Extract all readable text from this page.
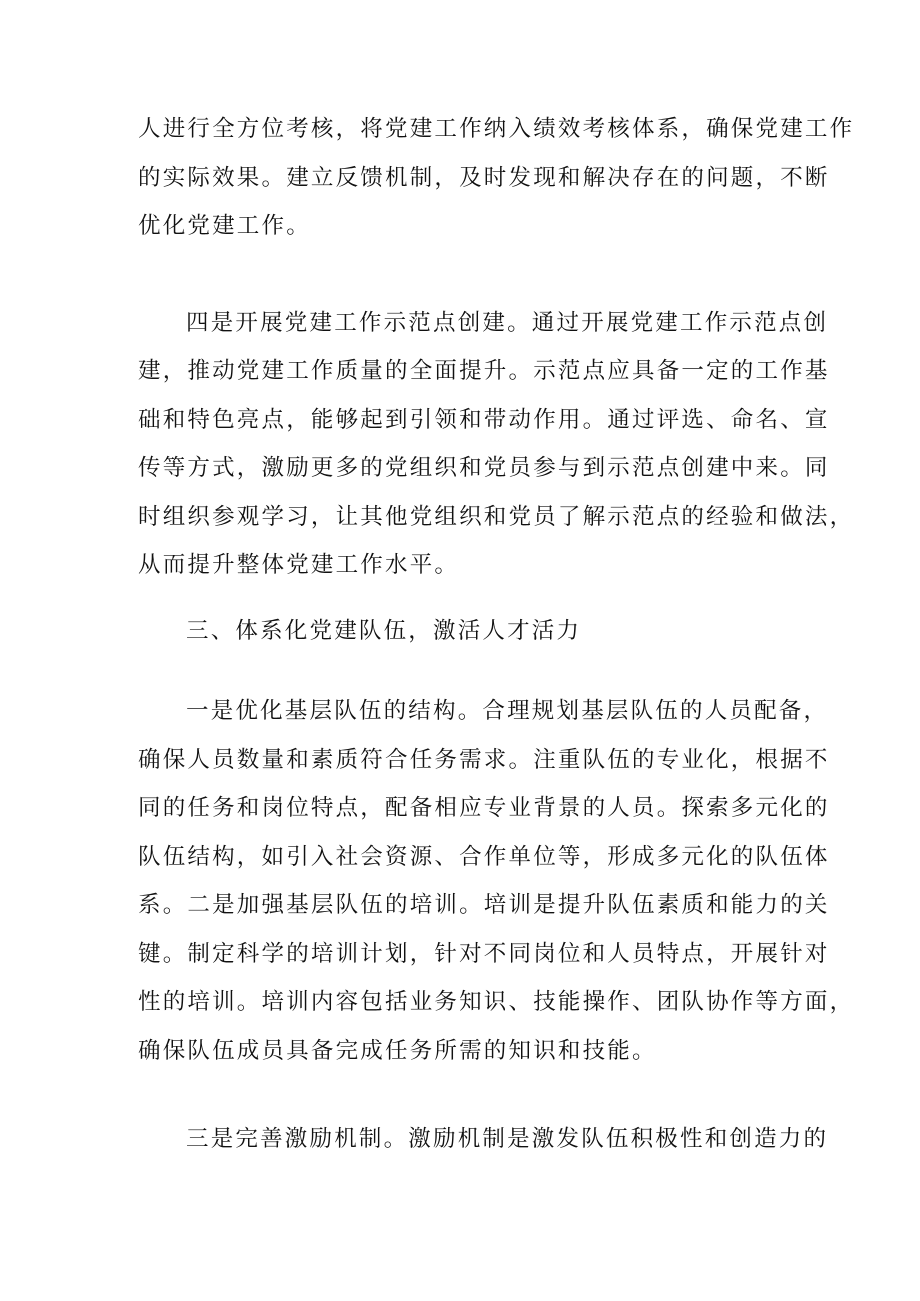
人进行全方位考核，将党建工作纳入绩效考核体系，确保党建工作
的实际效果。建立反馈机制，及时发现和解决存在的问题，不断
优化党建工作。
四是开展党建工作示范点创建。通过开展党建工作示范点创
建，推动党建工作质量的全面提升。示范点应具备一定的工作基
础和特色亮点，能够起到引领和带动作用。通过评选、命名、宣
传等方式，激励更多的党组织和党员参与到示范点创建中来。同
时组织参观学习，让其他党组织和党员了解示范点的经验和做法，
从而提升整体党建工作水平。
三、体系化党建队伍，激活人才活力
一是优化基层队伍的结构。合理规划基层队伍的人员配备，
确保人员数量和素质符合任务需求。注重队伍的专业化，根据不
同的任务和岗位特点，配备相应专业背景的人员。探索多元化的
队伍结构，如引入社会资源、合作单位等，形成多元化的队伍体
系。二是加强基层队伍的培训。培训是提升队伍素质和能力的关
键。制定科学的培训计划，针对不同岗位和人员特点，开展针对
性的培训。培训内容包括业务知识、技能操作、团队协作等方面，
确保队伍成员具备完成任务所需的知识和技能。
三是完善激励机制。激励机制是激发队伍积极性和创造力的
